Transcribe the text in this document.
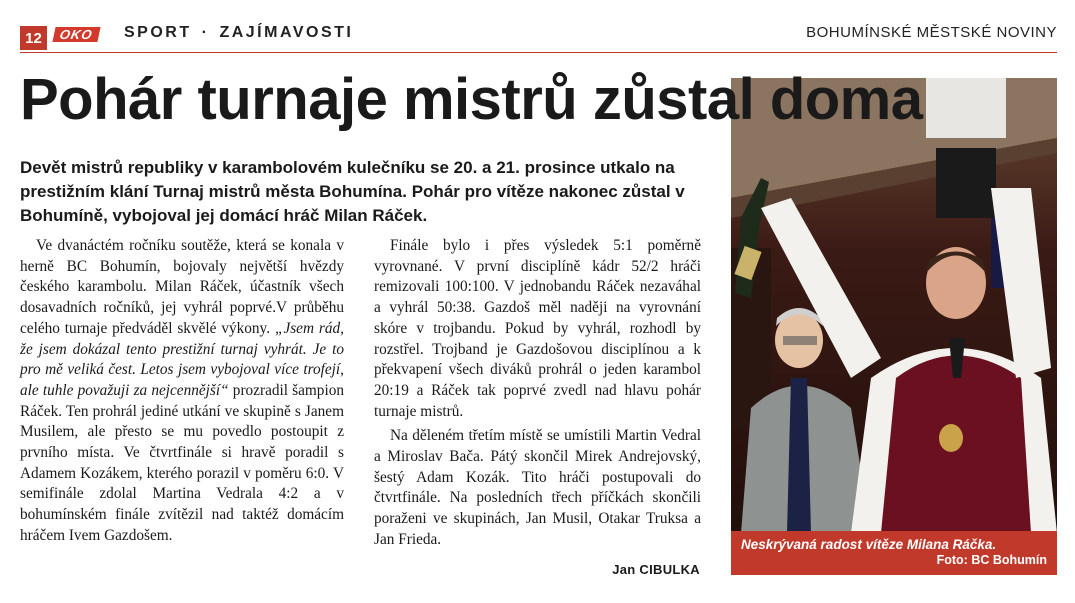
12	OKO	SPORT · ZAJÍMAVOSTI	BOHUMÍNSKÉ MĚSTSKÉ NOVINY
Neskrývaná radost vítěze Milana Ráčka.
Foto: BC Bohumín
Pohár turnaje mistrů zůstal doma
Devět mistrů republiky v karambolovém kulečníku se 20. a 21. prosince utkalo na prestižním klání Turnaj mistrů města Bohumína. Pohár pro vítěze nakonec zůstal v Bohumíně, vybojoval jej domácí hráč Milan Ráček.

Ve dvanáctém ročníku soutěže, která se konala v herně BC Bohumín, bojovaly největší hvězdy českého karambolu. Milan Ráček, účastník všech dosavadních ročníků, jej vyhrál poprvé.V průběhu celého turnaje předváděl skvělé výkony. „Jsem rád, že jsem dokázal tento prestižní turnaj vyhrát. Je to pro mě veliká čest. Letos jsem vybojoval více trofejí, ale tuhle považuji za nejcennější“ prozradil šampion Ráček. Ten prohrál jediné utkání ve skupině s Janem Musilem, ale přesto se mu povedlo postoupit z prvního místa. Ve čtvrtfinále si hravě poradil s Adamem Kozákem, kterého porazil v poměru 6:0. V semifinále zdolal Martina Vedrala 4:2 a v bohumínském finále zvítězil nad taktéž domácím hráčem Ivem Gazdošem.

Finále bylo i přes výsledek 5:1 poměrně vyrovnané. V první disciplíně kádr 52/2 hráči remizovali 100:100. V jednobandu Ráček nezaváhal a vyhrál 50:38. Gazdoš měl naději na vyrovnání skóre v trojbandu. Pokud by vyhrál, rozhodl by rozstřel. Trojband je Gazdošovou disciplínou a k překvapení všech diváků prohrál o jeden karambol 20:19 a Ráček tak poprvé zvedl nad hlavu pohár turnaje mistrů.

Na děleném třetím místě se umístili Martin Vedral a Miroslav Bača. Pátý skončil Mirek Andrejovský, šestý Adam Kozák. Tito hráči postupovali do čtvrtfinále. Na posledních třech příčkách skončili poraženi ve skupinách, Jan Musil, Otakar Truksa a Jan Frieda.

Jan CIBULKA
